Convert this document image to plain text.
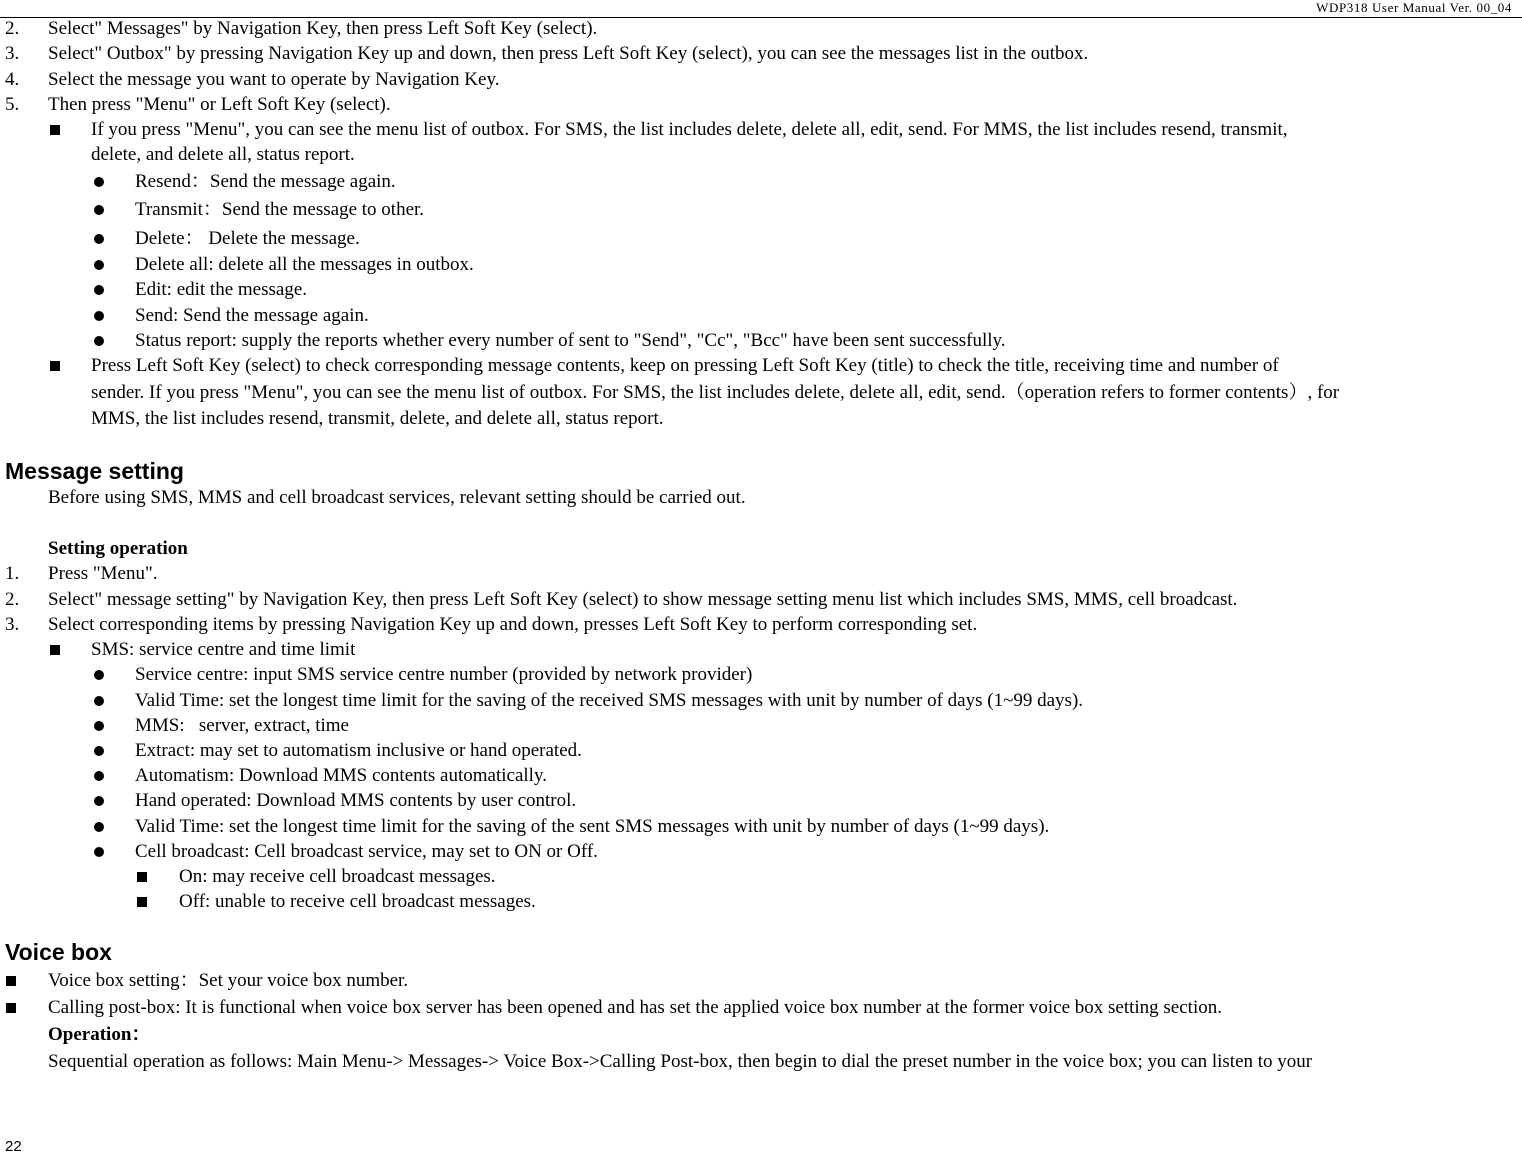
WDP318 User Manual Ver. 00_04
2. Select" Messages" by Navigation Key, then press Left Soft Key (select).
3. Select" Outbox" by pressing Navigation Key up and down, then press Left Soft Key (select), you can see the messages list in the outbox.
4. Select the message you want to operate by Navigation Key.
5. Then press "Menu" or Left Soft Key (select).
If you press "Menu", you can see the menu list of outbox. For SMS, the list includes delete, delete all, edit, send. For MMS, the list includes resend, transmit,
delete, and delete all, status report.
Resend：Send the message again.
Transmit：Send the message to other.
Delete： Delete the message.
Delete all: delete all the messages in outbox.
Edit: edit the message.
Send: Send the message again.
Status report: supply the reports whether every number of sent to "Send", "Cc", "Bcc" have been sent successfully.
Press Left Soft Key (select) to check corresponding message contents, keep on pressing Left Soft Key (title) to check the title, receiving time and number of
sender. If you press "Menu", you can see the menu list of outbox. For SMS, the list includes delete, delete all, edit, send.（operation refers to former contents）, for
MMS, the list includes resend, transmit, delete, and delete all, status report.
Message setting
Before using SMS, MMS and cell broadcast services, relevant setting should be carried out.
Setting operation
1. Press "Menu".
2. Select" message setting" by Navigation Key, then press Left Soft Key (select) to show message setting menu list which includes SMS, MMS, cell broadcast.
3. Select corresponding items by pressing Navigation Key up and down, presses Left Soft Key to perform corresponding set.
SMS: service centre and time limit
Service centre: input SMS service centre number (provided by network provider)
Valid Time: set the longest time limit for the saving of the received SMS messages with unit by number of days (1~99 days).
MMS:   server, extract, time
Extract: may set to automatism inclusive or hand operated.
Automatism: Download MMS contents automatically.
Hand operated: Download MMS contents by user control.
Valid Time: set the longest time limit for the saving of the sent SMS messages with unit by number of days (1~99 days).
Cell broadcast: Cell broadcast service, may set to ON or Off.
On: may receive cell broadcast messages.
Off: unable to receive cell broadcast messages.
Voice box
Voice box setting：Set your voice box number.
Calling post-box: It is functional when voice box server has been opened and has set the applied voice box number at the former voice box setting section.
Operation：
Sequential operation as follows: Main Menu-> Messages-> Voice Box->Calling Post-box, then begin to dial the preset number in the voice box; you can listen to your
22
